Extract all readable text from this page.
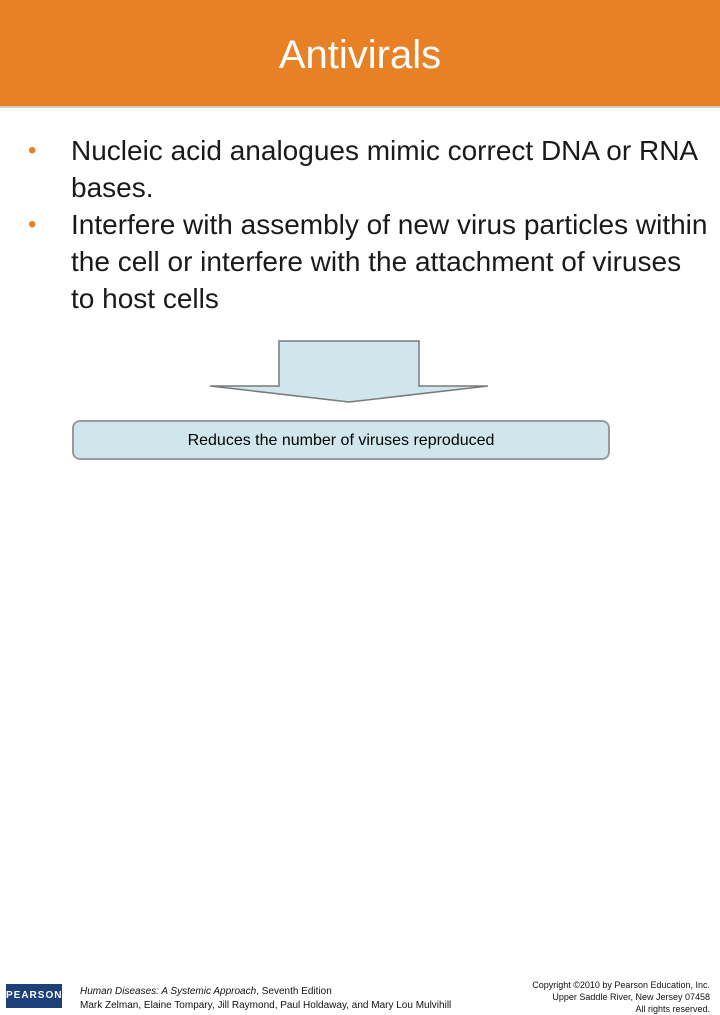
Antivirals
• Nucleic acid analogues mimic correct DNA or RNA bases.
• Interfere with assembly of new virus particles within the cell or interfere with the attachment of viruses to host cells
Reduces the number of viruses reproduced
PEARSON Human Diseases: A Systemic Approach, Seventh Edition
Mark Zelman, Elaine Tompary, Jill Raymond, Paul Holdaway, and Mary Lou Mulvihill
Copyright ©2010 by Pearson Education, Inc.
Upper Saddle River, New Jersey 07458
All rights reserved.
